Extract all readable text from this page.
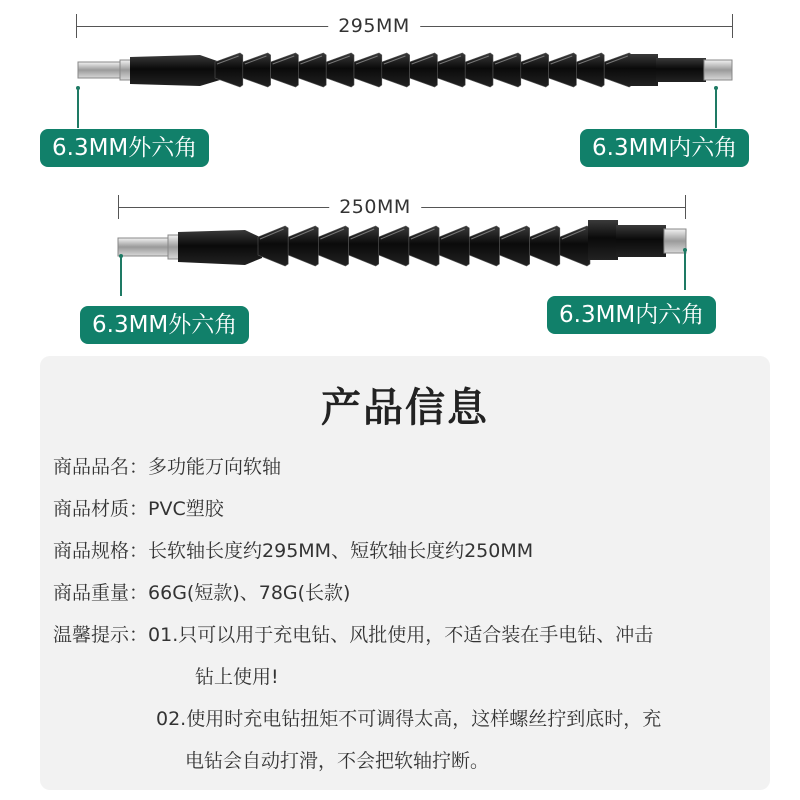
295MM
250MM
6.3MM外六角	6.3MM内六角
6.3MM外六角	6.3MM内六角
产品信息
商品品名：多功能万向软轴
商品材质：PVC塑胶
商品规格：长软轴长度约295MM、短软轴长度约250MM
商品重量：66G(短款)、78G(长款)
温馨提示：01.只可以用于充电钻、风批使用，不适合装在手电钻、冲击
钻上使用!
02.使用时充电钻扭矩不可调得太高，这样螺丝拧到底时，充
电钻会自动打滑，不会把软轴拧断。
